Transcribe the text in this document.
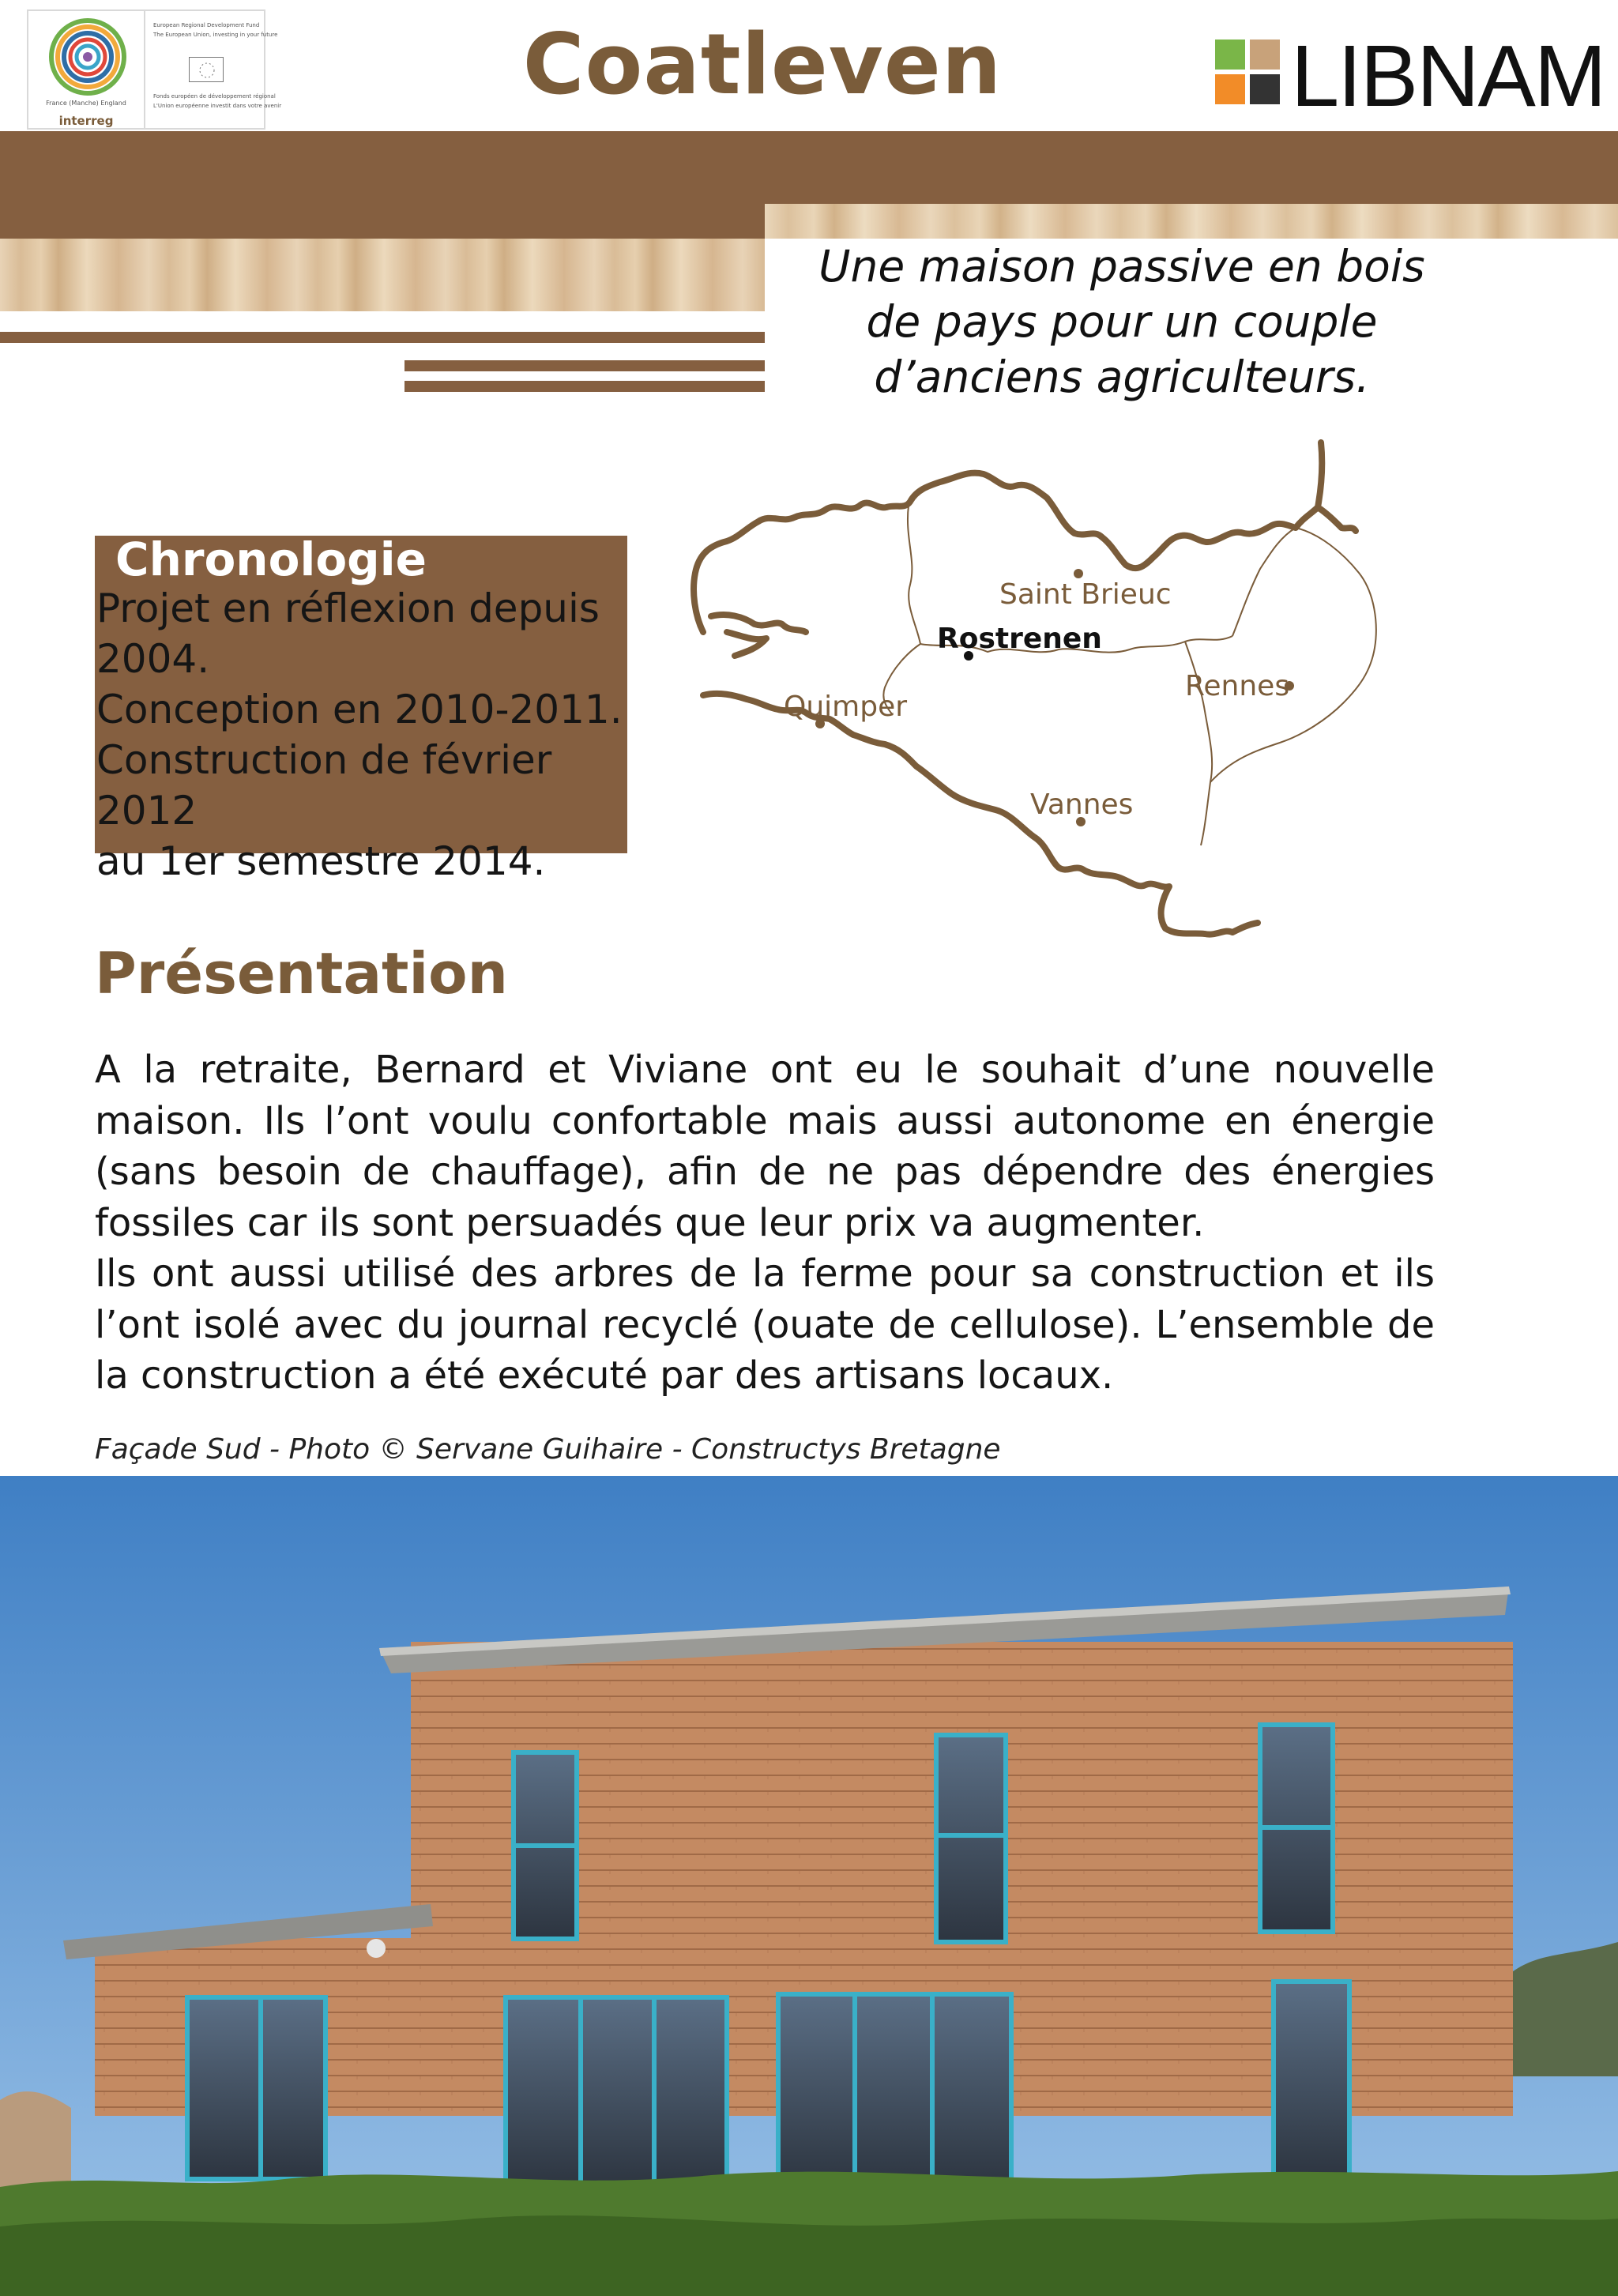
France (Manche) England
interreg
European Regional Development Fund
The European Union, investing in your future
Fonds européen de développement régional
L'Union européenne investit dans votre avenir	Coatleven	LIBNAM
Une maison passive en bois de pays pour un couple d’anciens agriculteurs.
Chronologie
Projet en réflexion depuis
2004.
Conception en 2010-2011.
Construction de février 2012
au 1er semestre 2014.
Saint Brieuc
Rostrenen
Rennes
Quimper
Vannes
Présentation
A la retraite, Bernard et Viviane ont eu le souhait d’une nouvelle maison. Ils l’ont voulu confortable mais aussi autonome en énergie (sans besoin de chauffage), afin de ne pas dépendre des énergies fossiles car ils sont persuadés que leur prix va augmenter.
Ils ont aussi utilisé des arbres de la ferme pour sa construction et ils l’ont isolé avec du journal recyclé (ouate de cellulose). L’ensemble de la construction a été exécuté par des artisans locaux.
Façade Sud - Photo © Servane Guihaire - Constructys Bretagne
